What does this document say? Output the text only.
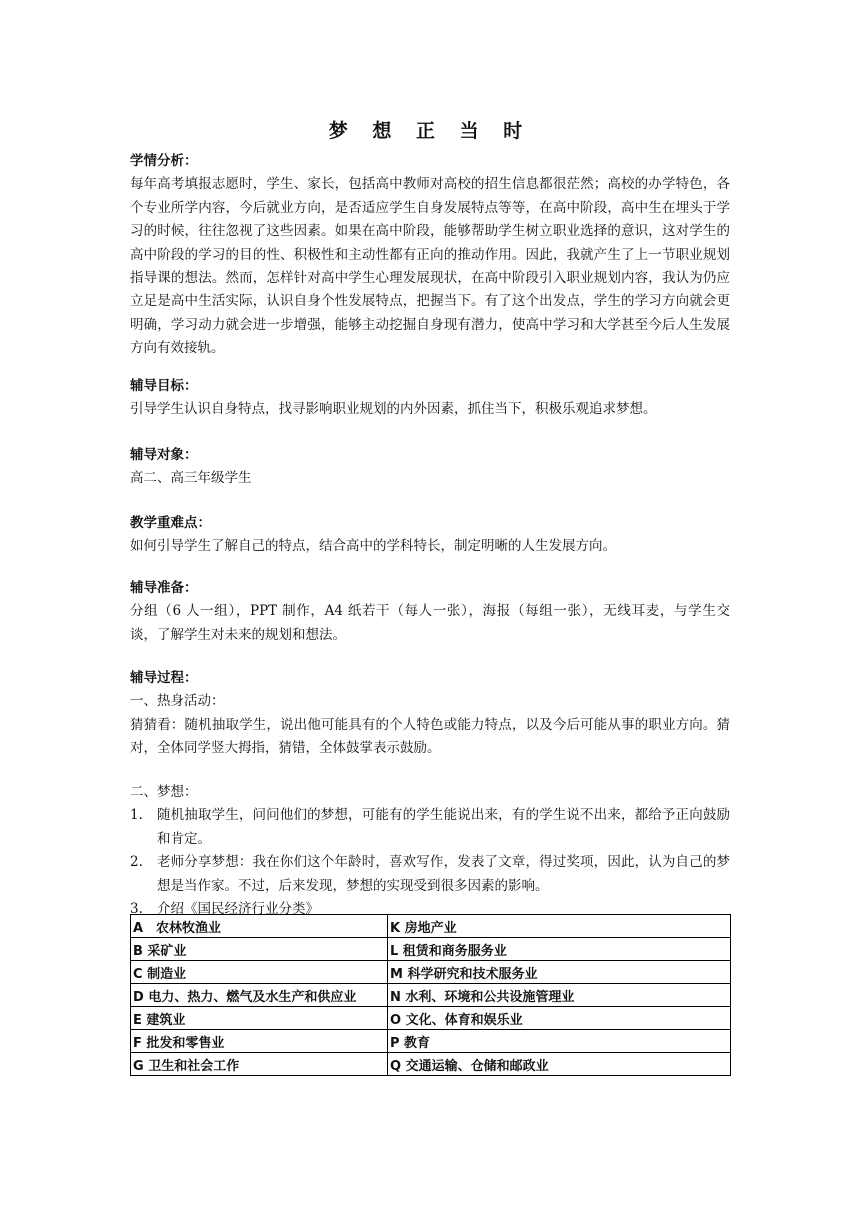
梦 想 正 当 时
学情分析：
每年高考填报志愿时，学生、家长，包括高中教师对高校的招生信息都很茫然；高校的办学特色，各个专业所学内容，今后就业方向，是否适应学生自身发展特点等等，在高中阶段，高中生在埋头于学习的时候，往往忽视了这些因素。如果在高中阶段，能够帮助学生树立职业选择的意识，这对学生的高中阶段的学习的目的性、积极性和主动性都有正向的推动作用。因此，我就产生了上一节职业规划指导课的想法。然而，怎样针对高中学生心理发展现状，在高中阶段引入职业规划内容，我认为仍应立足是高中生活实际，认识自身个性发展特点，把握当下。有了这个出发点，学生的学习方向就会更明确，学习动力就会进一步增强，能够主动挖掘自身现有潜力，使高中学习和大学甚至今后人生发展方向有效接轨。
辅导目标：
引导学生认识自身特点，找寻影响职业规划的内外因素，抓住当下，积极乐观追求梦想。
辅导对象：
高二、高三年级学生
教学重难点：
如何引导学生了解自己的特点，结合高中的学科特长，制定明晰的人生发展方向。
辅导准备：
分组（6 人一组），PPT 制作，A4 纸若干（每人一张），海报（每组一张），无线耳麦，与学生交谈，了解学生对未来的规划和想法。
辅导过程：
一、热身活动：
猜猜看：随机抽取学生，说出他可能具有的个人特色或能力特点，以及今后可能从事的职业方向。猜对，全体同学竖大拇指，猜错，全体鼓掌表示鼓励。
二、梦想：
1. 随机抽取学生，问问他们的梦想，可能有的学生能说出来，有的学生说不出来，都给予正向鼓励和肯定。
2. 老师分享梦想：我在你们这个年龄时，喜欢写作，发表了文章，得过奖项，因此，认为自己的梦想是当作家。不过，后来发现，梦想的实现受到很多因素的影响。
3. 介绍《国民经济行业分类》
A　农林牧渔业	K 房地产业
B 采矿业	L 租赁和商务服务业
C 制造业	M 科学研究和技术服务业
D 电力、热力、燃气及水生产和供应业	N 水利、环境和公共设施管理业
E 建筑业	O 文化、体育和娱乐业
F 批发和零售业	P 教育
G 卫生和社会工作	Q 交通运输、仓储和邮政业
